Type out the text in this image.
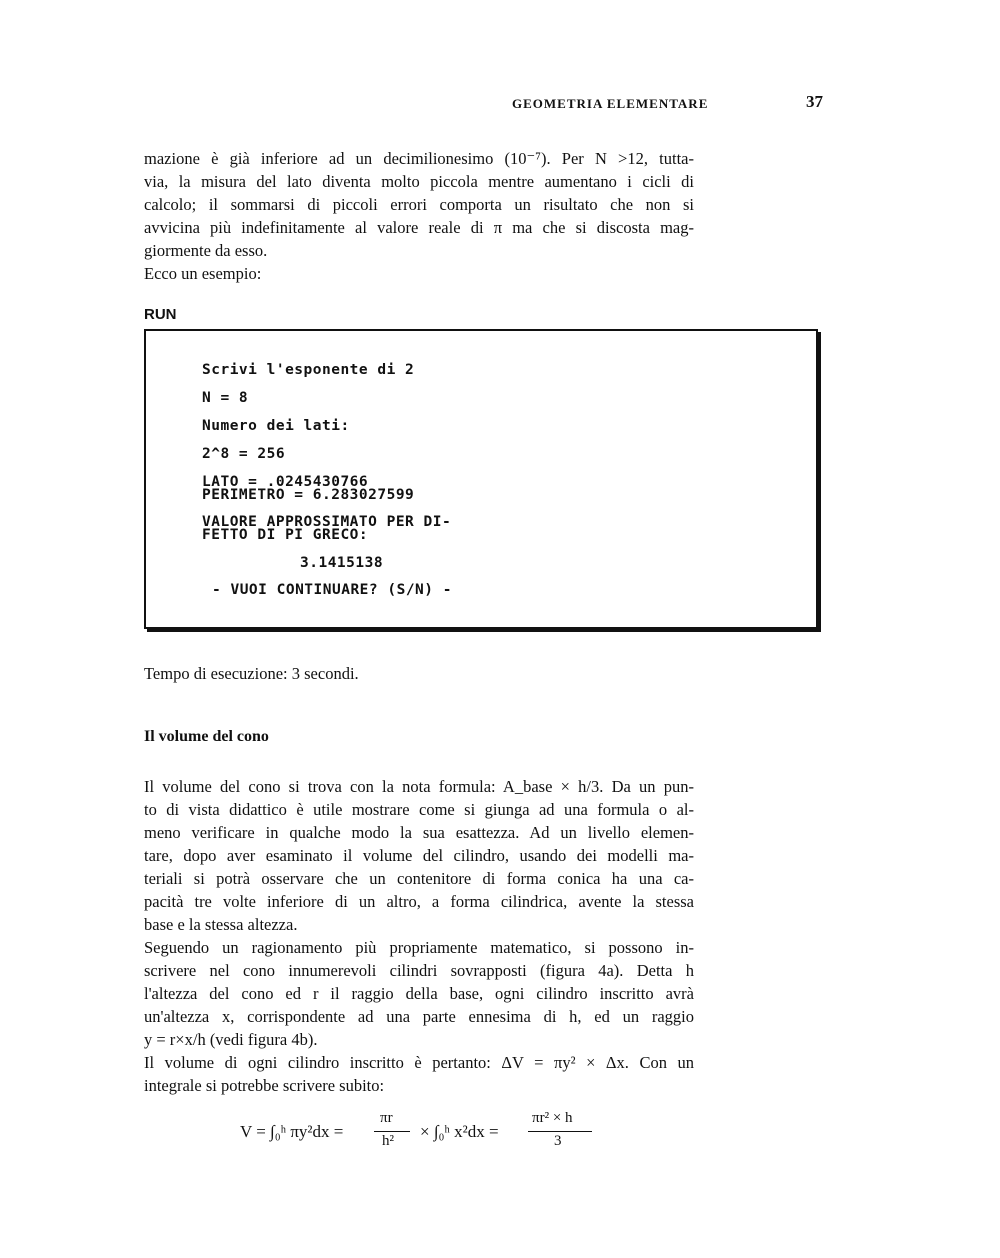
GEOMETRIA ELEMENTARE	37
mazione è già inferiore ad un decimilionesimo (10⁻⁷). Per N >12, tutta-
via, la misura del lato diventa molto piccola mentre aumentano i cicli di
calcolo; il sommarsi di piccoli errori comporta un risultato che non si
avvicina più indefinitamente al valore reale di π ma che si discosta mag-
giormente da esso.
Ecco un esempio:
RUN
Scrivi l'esponente di 2
N = 8
Numero dei lati:
2^8 = 256
LATO = .0245430766
PERIMETRO = 6.283027599
VALORE APPROSSIMATO PER DI-
FETTO DI PI GRECO:
3.1415138
- VUOI CONTINUARE? (S/N) -
Tempo di esecuzione: 3 secondi.
Il volume del cono
Il volume del cono si trova con la nota formula: A_base × h/3. Da un pun-
to di vista didattico è utile mostrare come si giunga ad una formula o al-
meno verificare in qualche modo la sua esattezza. Ad un livello elemen-
tare, dopo aver esaminato il volume del cilindro, usando dei modelli ma-
teriali si potrà osservare che un contenitore di forma conica ha una ca-
pacità tre volte inferiore di un altro, a forma cilindrica, avente la stessa
base e la stessa altezza.
Seguendo un ragionamento più propriamente matematico, si possono in-
scrivere nel cono innumerevoli cilindri sovrapposti (figura 4a). Detta h
l'altezza del cono ed r il raggio della base, ogni cilindro inscritto avrà
un'altezza x, corrispondente ad una parte ennesima di h, ed un raggio
y = r×x/h (vedi figura 4b).
Il volume di ogni cilindro inscritto è pertanto: ΔV = πy² × Δx. Con un
integrale si potrebbe scrivere subito:
V = ∫₀ʰ πy²dx =
πr
h² × ∫₀ʰ x²dx =
πr² × h
3
